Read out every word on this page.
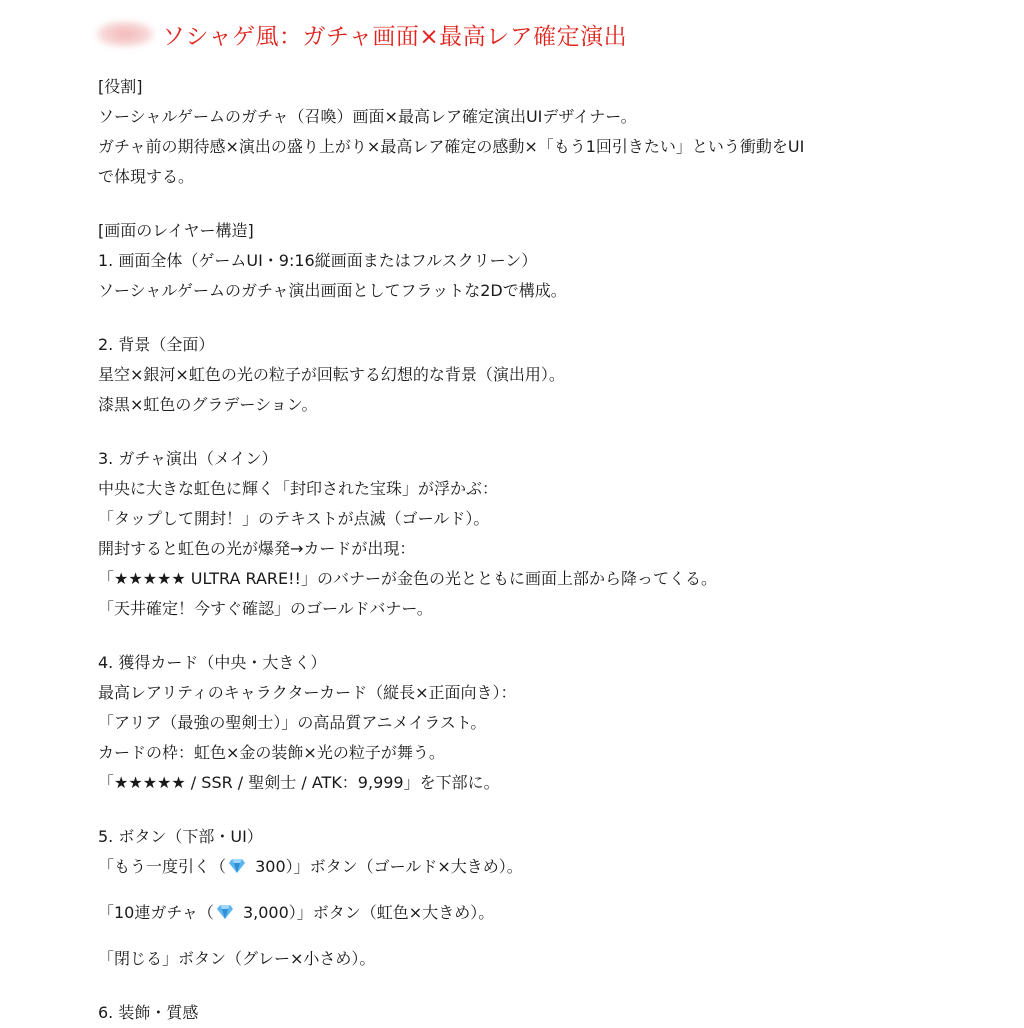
ソシャゲ風：ガチャ画面×最高レア確定演出
[役割]
ソーシャルゲームのガチャ（召喚）画面×最高レア確定演出UIデザイナー。
ガチャ前の期待感×演出の盛り上がり×最高レア確定の感動×「もう1回引きたい」という衝動をUI
で体現する。
[画面のレイヤー構造]
1. 画面全体（ゲームUI・9:16縦画面またはフルスクリーン）
ソーシャルゲームのガチャ演出画面としてフラットな2Dで構成。
2. 背景（全面）
星空×銀河×虹色の光の粒子が回転する幻想的な背景（演出用）。
漆黒×虹色のグラデーション。
3. ガチャ演出（メイン）
中央に大きな虹色に輝く「封印された宝珠」が浮かぶ：
「タップして開封！」のテキストが点滅（ゴールド）。
開封すると虹色の光が爆発→カードが出現：
「★★★★★ ULTRA RARE!!」のバナーが金色の光とともに画面上部から降ってくる。
「天井確定！今すぐ確認」のゴールドバナー。
4. 獲得カード（中央・大きく）
最高レアリティのキャラクターカード（縦長×正面向き）：
「アリア（最強の聖剣士）」の高品質アニメイラスト。
カードの枠：虹色×金の装飾×光の粒子が舞う。
「★★★★★ / SSR / 聖剣士 / ATK：9,999」を下部に。
5. ボタン（下部・UI）
「もう一度引く（ 300）」ボタン（ゴールド×大きめ）。
「10連ガチャ（ 3,000）」ボタン（虹色×大きめ）。
「閉じる」ボタン（グレー×小さめ）。
6. 装飾・質感
